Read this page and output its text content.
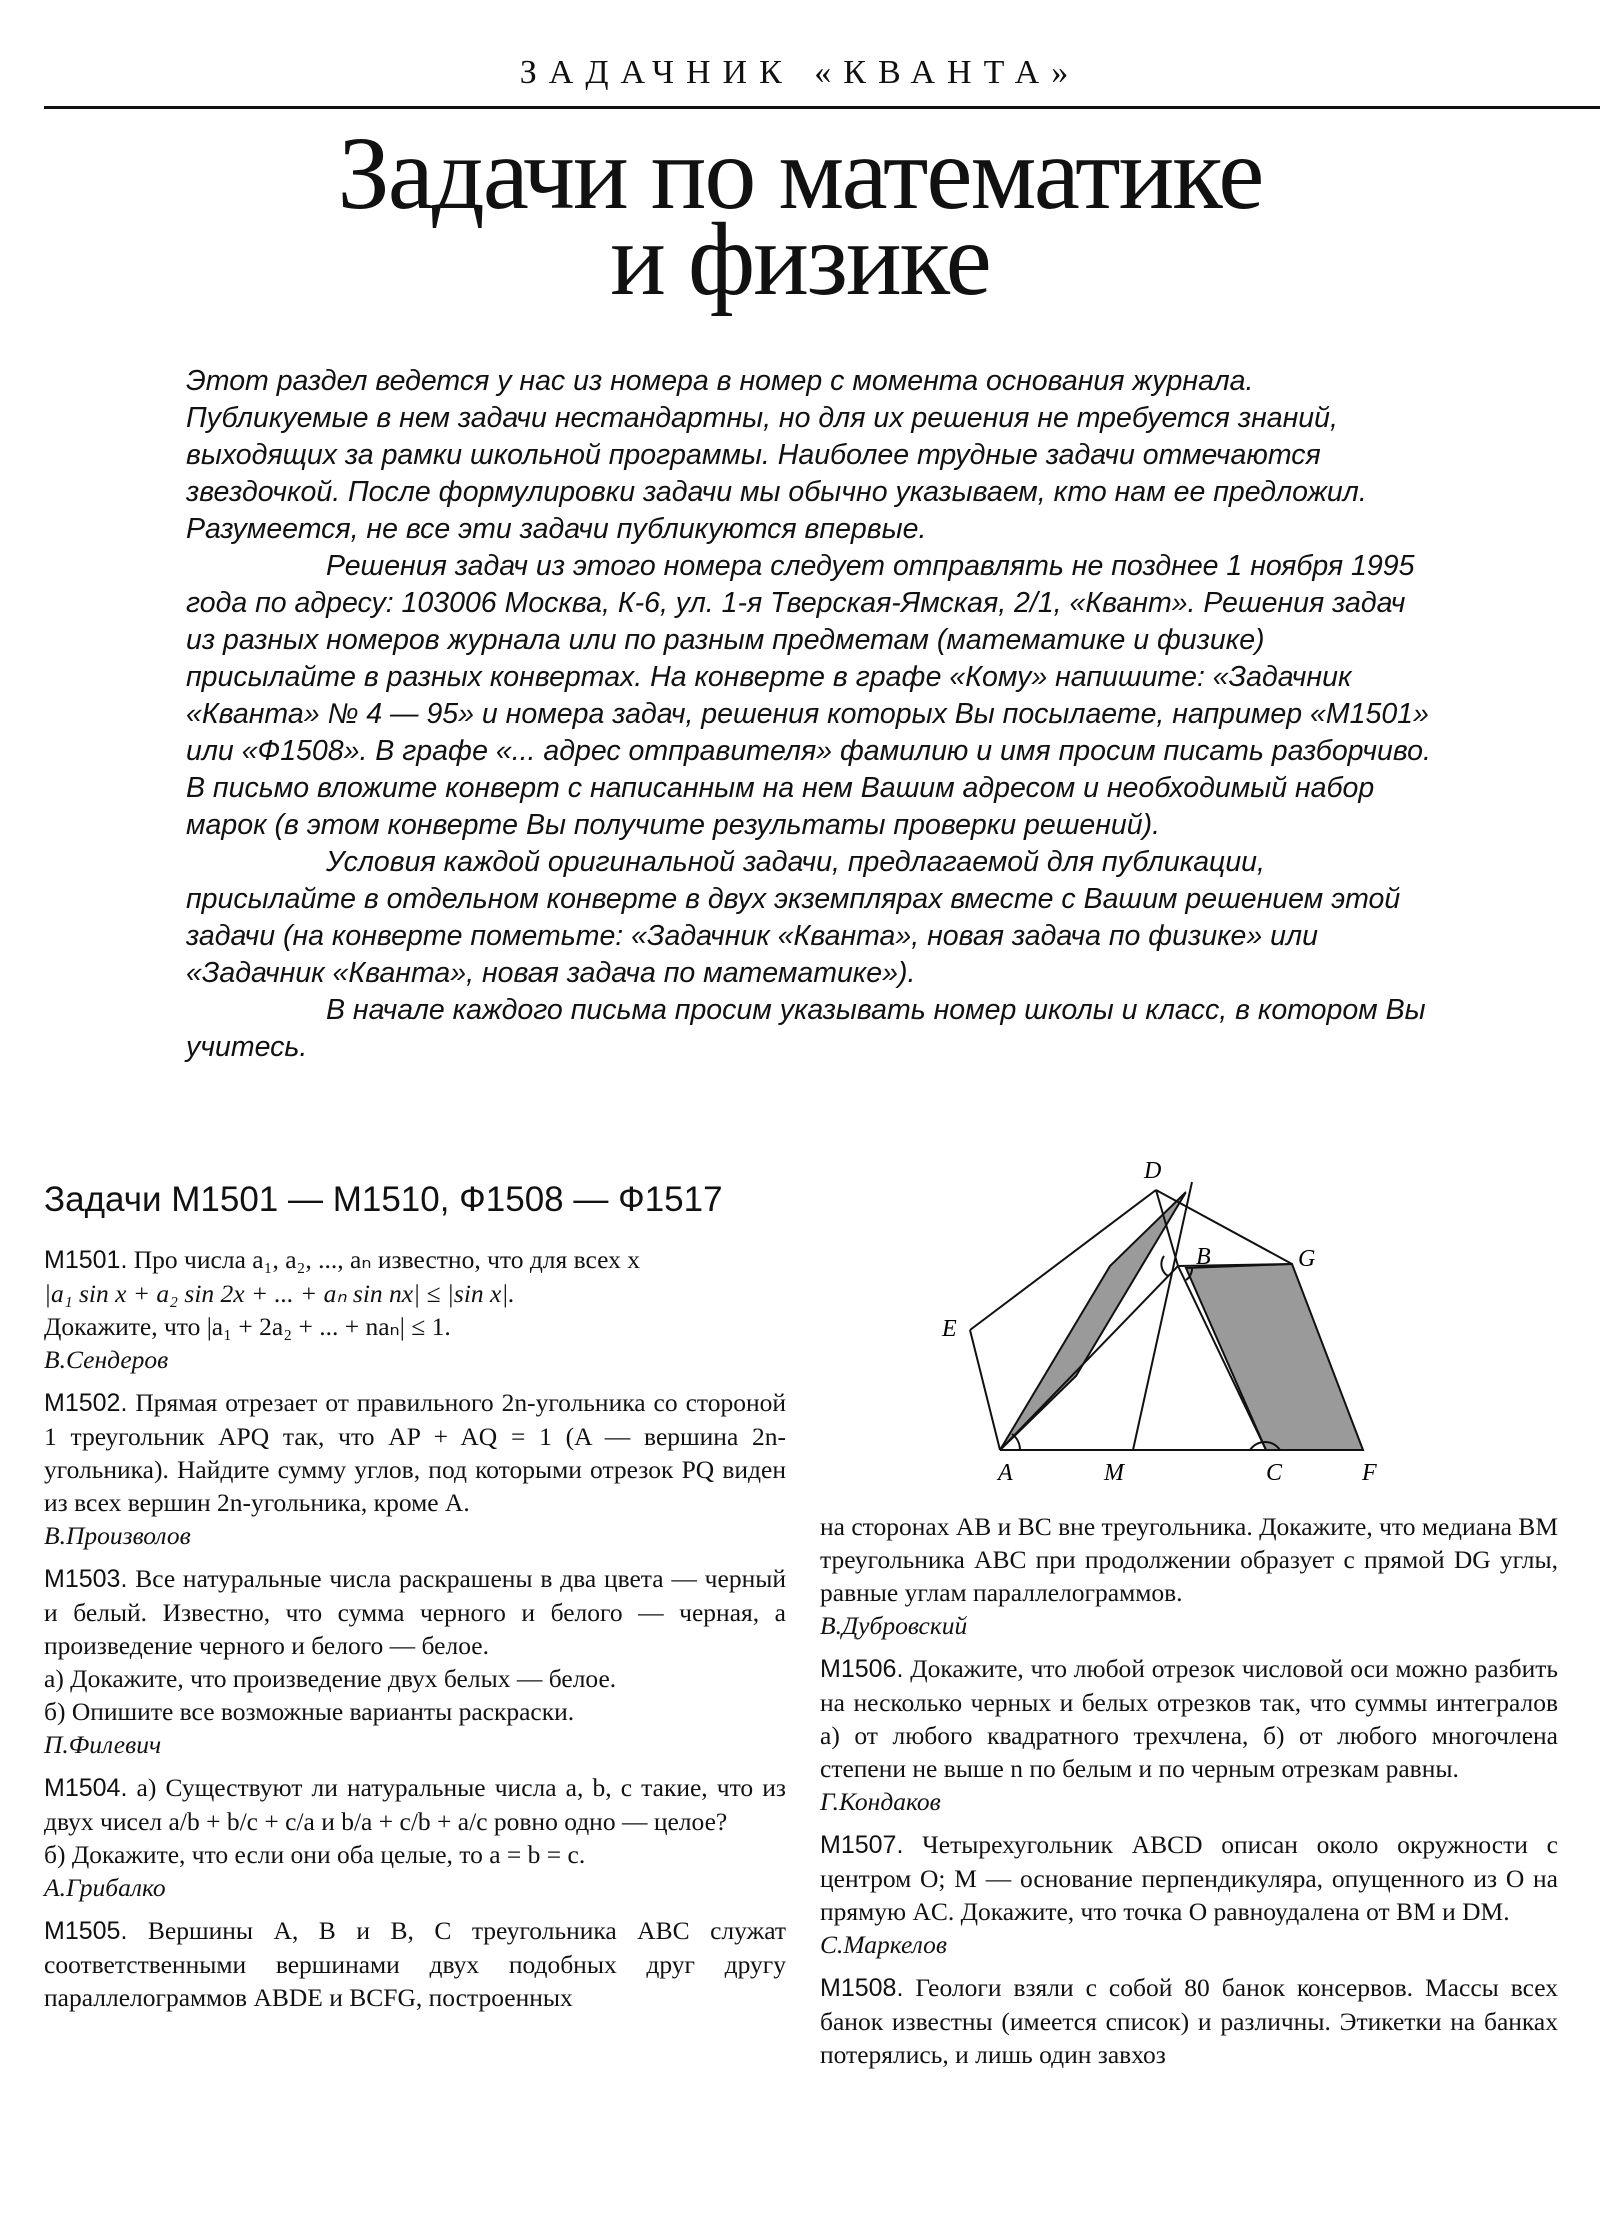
ЗАДАЧНИК «КВАНТА»
Задачи по математике
и физике

Этот раздел ведется у нас из номера в номер с момента основания журнала. Публикуемые в нем задачи нестандартны, но для их решения не требуется знаний, выходящих за рамки школьной программы. Наиболее трудные задачи отмечаются звездочкой. После формулировки задачи мы обычно указываем, кто нам ее предложил. Разумеется, не все эти задачи публикуются впервые.

Решения задач из этого номера следует отправлять не позднее 1 ноября 1995 года по адресу: 103006 Москва, К-6, ул. 1-я Тверская-Ямская, 2/1, «Квант». Решения задач из разных номеров журнала или по разным предметам (математике и физике) присылайте в разных конвертах. На конверте в графе «Кому» напишите: «Задачник «Кванта» № 4 — 95» и номера задач, решения которых Вы посылаете, например «М1501» или «Ф1508». В графе «... адрес отправителя» фамилию и имя просим писать разборчиво. В письмо вложите конверт с написанным на нем Вашим адресом и необходимый набор марок (в этом конверте Вы получите результаты проверки решений).

Условия каждой оригинальной задачи, предлагаемой для публикации, присылайте в отдельном конверте в двух экземплярах вместе с Вашим решением этой задачи (на конверте пометьте: «Задачник «Кванта», новая задача по физике» или «Задачник «Кванта», новая задача по математике»).

В начале каждого письма просим указывать номер школы и класс, в котором Вы учитесь.

Задачи М1501 — М1510, Ф1508 — Ф1517

М1501. Про числа a₁, a₂, ..., aₙ известно, что для всех x

|a₁ sin x + a₂ sin 2x + ... + aₙ sin nx| ≤ |sin x|.

Докажите, что |a₁ + 2a₂ + ... + naₙ| ≤ 1.

В.Сендеров

М1502. Прямая отрезает от правильного 2n-угольника со стороной 1 треугольник APQ так, что AP + AQ = 1 (A — вершина 2n-угольника). Найдите сумму углов, под которыми отрезок PQ виден из всех вершин 2n-угольника, кроме A.

В.Произволов

М1503. Все натуральные числа раскрашены в два цвета — черный и белый. Известно, что сумма черного и белого — черная, а произведение черного и белого — белое.

а) Докажите, что произведение двух белых — белое.

б) Опишите все возможные варианты раскраски.

П.Филевич

М1504. а) Существуют ли натуральные числа a, b, c такие, что из двух чисел a/b + b/c + c/a и b/a + c/b + a/c ровно одно — целое?

б) Докажите, что если они оба целые, то a = b = c.

А.Грибалко

М1505. Вершины A, B и B, C треугольника ABC служат соответственными вершинами двух подобных друг другу параллелограммов ABDE и BCFG, построенных

D
B	G
E
A	M	C	F

на сторонах AB и BC вне треугольника. Докажите, что медиана BM треугольника ABC при продолжении образует с прямой DG углы, равные углам параллелограммов.

В.Дубровский

М1506. Докажите, что любой отрезок числовой оси можно разбить на несколько черных и белых отрезков так, что суммы интегралов а) от любого квадратного трехчлена, б) от любого многочлена степени не выше n по белым и по черным отрезкам равны.

Г.Кондаков

М1507. Четырехугольник ABCD описан около окружности с центром O; M — основание перпендикуляра, опущенного из O на прямую AC. Докажите, что точка O равноудалена от BM и DM.

С.Маркелов

М1508. Геологи взяли с собой 80 банок консервов. Массы всех банок известны (имеется список) и различны. Этикетки на банках потерялись, и лишь один завхоз
